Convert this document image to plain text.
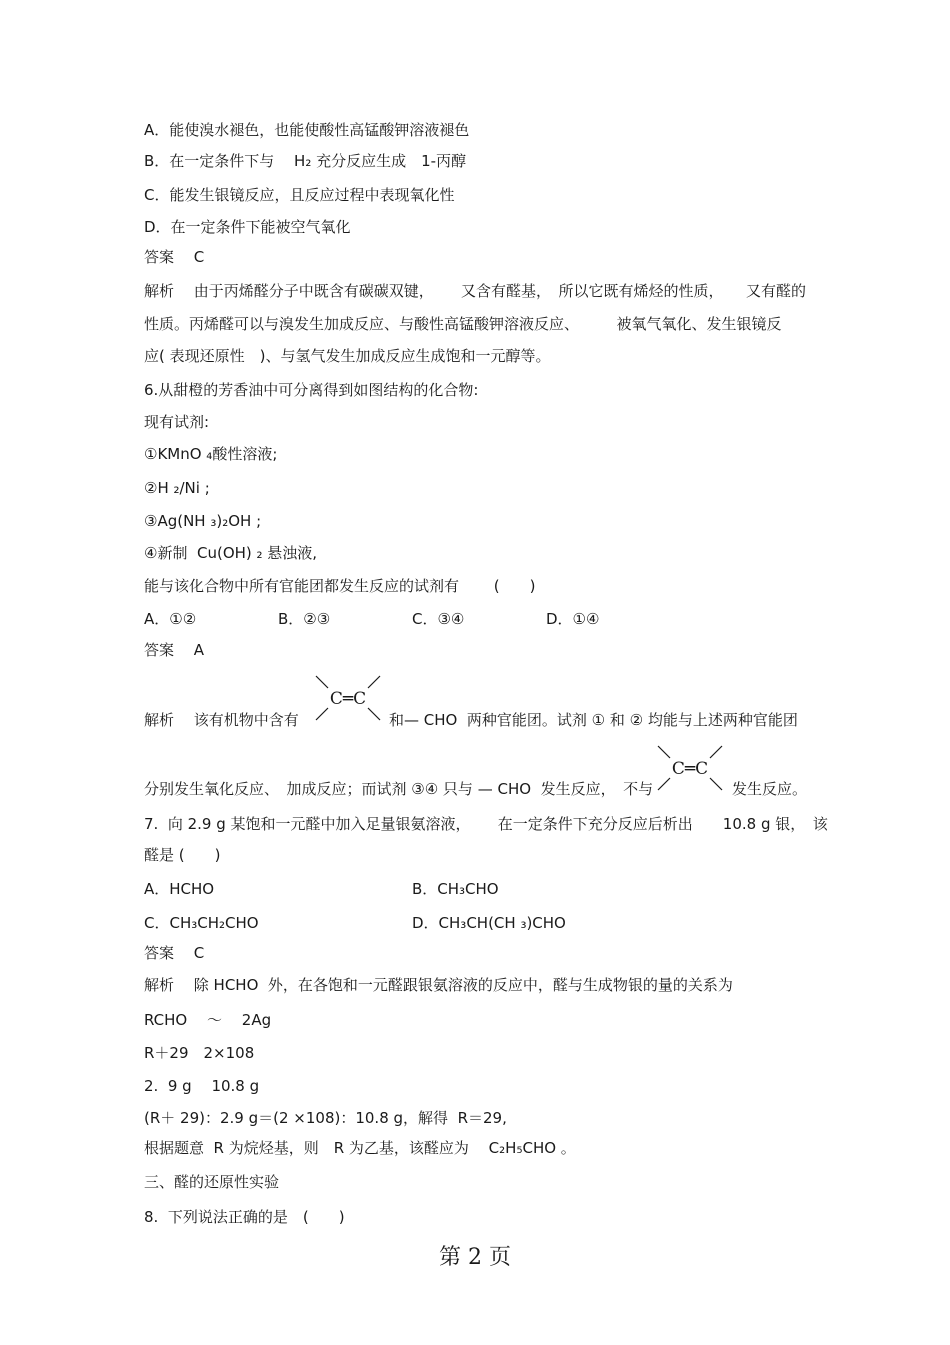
A．能使溴水褪色，也能使酸性高锰酸钾溶液褪色
B．在一定条件下与　 H₂ 充分反应生成　1-丙醇
C．能发生银镜反应，且反应过程中表现氧化性
D．在一定条件下能被空气氧化
答案　 C
解析　 由于丙烯醛分子中既含有碳碳双键，　　 又含有醛基，　所以它既有烯烃的性质，　　又有醛的
性质。丙烯醛可以与溴发生加成反应、与酸性高锰酸钾溶液反应、　　　被氧气氧化、发生银镜反
应( 表现还原性　)、与氢气发生加成反应生成饱和一元醇等。
6.从甜橙的芳香油中可分离得到如图结构的化合物:
现有试剂:
①KMnO ₄酸性溶液;
②H ₂/Ni ;
③Ag(NH ₃)₂OH ;
④新制  Cu(OH) ₂ 悬浊液,
能与该化合物中所有官能团都发生反应的试剂有　　 (　　)
A．①②	B．②③	C．③④	D．①④
答案　 A
C═C
解析　 该有机物中含有	和— CHO  两种官能团。试剂 ① 和 ② 均能与上述两种官能团
C═C
分别发生氧化反应、　加成反应；而试剂 ③④ 只与 — CHO  发生反应，　不与	发生反应。
7.  向 2.9 g 某饱和一元醛中加入足量银氨溶液，　　 在一定条件下充分反应后析出　　10.8 g 银，　该
醛是 (　　)
A．HCHO	B．CH₃CHO
C．CH₃CH₂CHO	D．CH₃CH(CH ₃)CHO
答案　 C
解析　 除 HCHO  外，在各饱和一元醛跟银氨溶液的反应中，醛与生成物银的量的关系为
RCHO　 ～　 2Ag
R＋29　2×108
2.  9 g　 10.8 g
(R＋ 29)：2.9 g＝(2 ×108)：10.8 g，解得  R＝29,
根据题意  R 为烷烃基，则　R 为乙基，该醛应为　 C₂H₅CHO 。
三、醛的还原性实验
8.  下列说法正确的是　(　　)
第 2 页
